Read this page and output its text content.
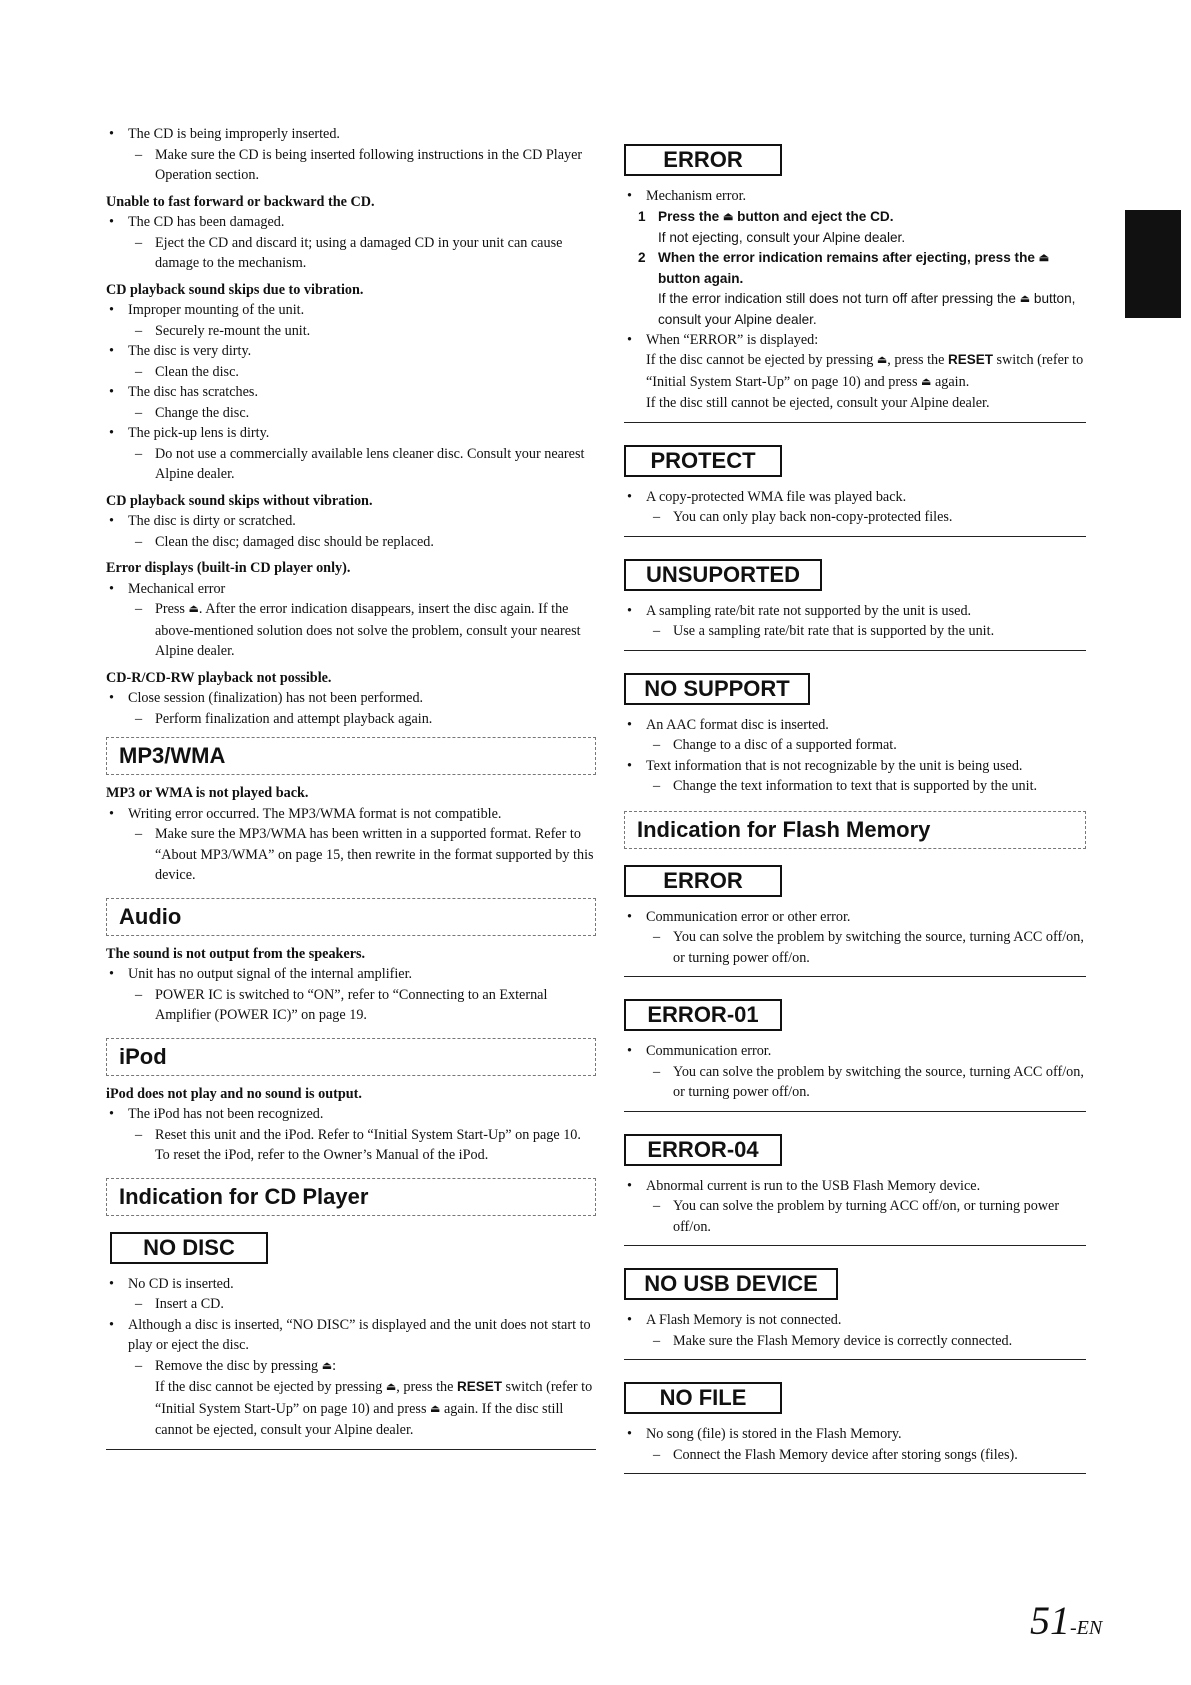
• The CD is being improperly inserted.
– Make sure the CD is being inserted following instructions in the CD Player Operation section.
Unable to fast forward or backward the CD.
• The CD has been damaged.
– Eject the CD and discard it; using a damaged CD in your unit can cause damage to the mechanism.
CD playback sound skips due to vibration.
• Improper mounting of the unit.
– Securely re-mount the unit.
• The disc is very dirty.
– Clean the disc.
• The disc has scratches.
– Change the disc.
• The pick-up lens is dirty.
– Do not use a commercially available lens cleaner disc. Consult your nearest Alpine dealer.
CD playback sound skips without vibration.
• The disc is dirty or scratched.
– Clean the disc; damaged disc should be replaced.
Error displays (built-in CD player only).
• Mechanical error
– Press ⏏. After the error indication disappears, insert the disc again. If the above-mentioned solution does not solve the problem, consult your nearest Alpine dealer.
CD-R/CD-RW playback not possible.
• Close session (finalization) has not been performed.
– Perform finalization and attempt playback again.
MP3/WMA
MP3 or WMA is not played back.
• Writing error occurred. The MP3/WMA format is not compatible.
– Make sure the MP3/WMA has been written in a supported format. Refer to “About MP3/WMA” on page 15, then rewrite in the format supported by this device.
Audio
The sound is not output from the speakers.
• Unit has no output signal of the internal amplifier.
– POWER IC is switched to “ON”, refer to “Connecting to an External Amplifier (POWER IC)” on page 19.
iPod
iPod does not play and no sound is output.
• The iPod has not been recognized.
– Reset this unit and the iPod. Refer to “Initial System Start-Up” on page 10. To reset the iPod, refer to the Owner’s Manual of the iPod.
Indication for CD Player
NO DISC
• No CD is inserted.
– Insert a CD.
• Although a disc is inserted, “NO DISC” is displayed and the unit does not start to play or eject the disc.
– Remove the disc by pressing ⏏:
If the disc cannot be ejected by pressing ⏏, press the RESET switch (refer to “Initial System Start-Up” on page 10) and press ⏏ again. If the disc still cannot be ejected, consult your Alpine dealer.
ERROR
• Mechanism error.
1 Press the ⏏ button and eject the CD.
If not ejecting, consult your Alpine dealer.
2 When the error indication remains after ejecting, press the ⏏ button again.
If the error indication still does not turn off after pressing the ⏏ button, consult your Alpine dealer.
• When “ERROR” is displayed:
If the disc cannot be ejected by pressing ⏏, press the RESET switch (refer to “Initial System Start-Up” on page 10) and press ⏏ again.
If the disc still cannot be ejected, consult your Alpine dealer.
PROTECT
• A copy-protected WMA file was played back.
– You can only play back non-copy-protected files.
UNSUPORTED
• A sampling rate/bit rate not supported by the unit is used.
– Use a sampling rate/bit rate that is supported by the unit.
NO SUPPORT
• An AAC format disc is inserted.
– Change to a disc of a supported format.
• Text information that is not recognizable by the unit is being used.
– Change the text information to text that is supported by the unit.
Indication for Flash Memory
ERROR
• Communication error or other error.
– You can solve the problem by switching the source, turning ACC off/on, or turning power off/on.
ERROR-01
• Communication error.
– You can solve the problem by switching the source, turning ACC off/on, or turning power off/on.
ERROR-04
• Abnormal current is run to the USB Flash Memory device.
– You can solve the problem by turning ACC off/on, or turning power off/on.
NO USB DEVICE
• A Flash Memory is not connected.
– Make sure the Flash Memory device is correctly connected.
NO FILE
• No song (file) is stored in the Flash Memory.
– Connect the Flash Memory device after storing songs (files).
51-EN
